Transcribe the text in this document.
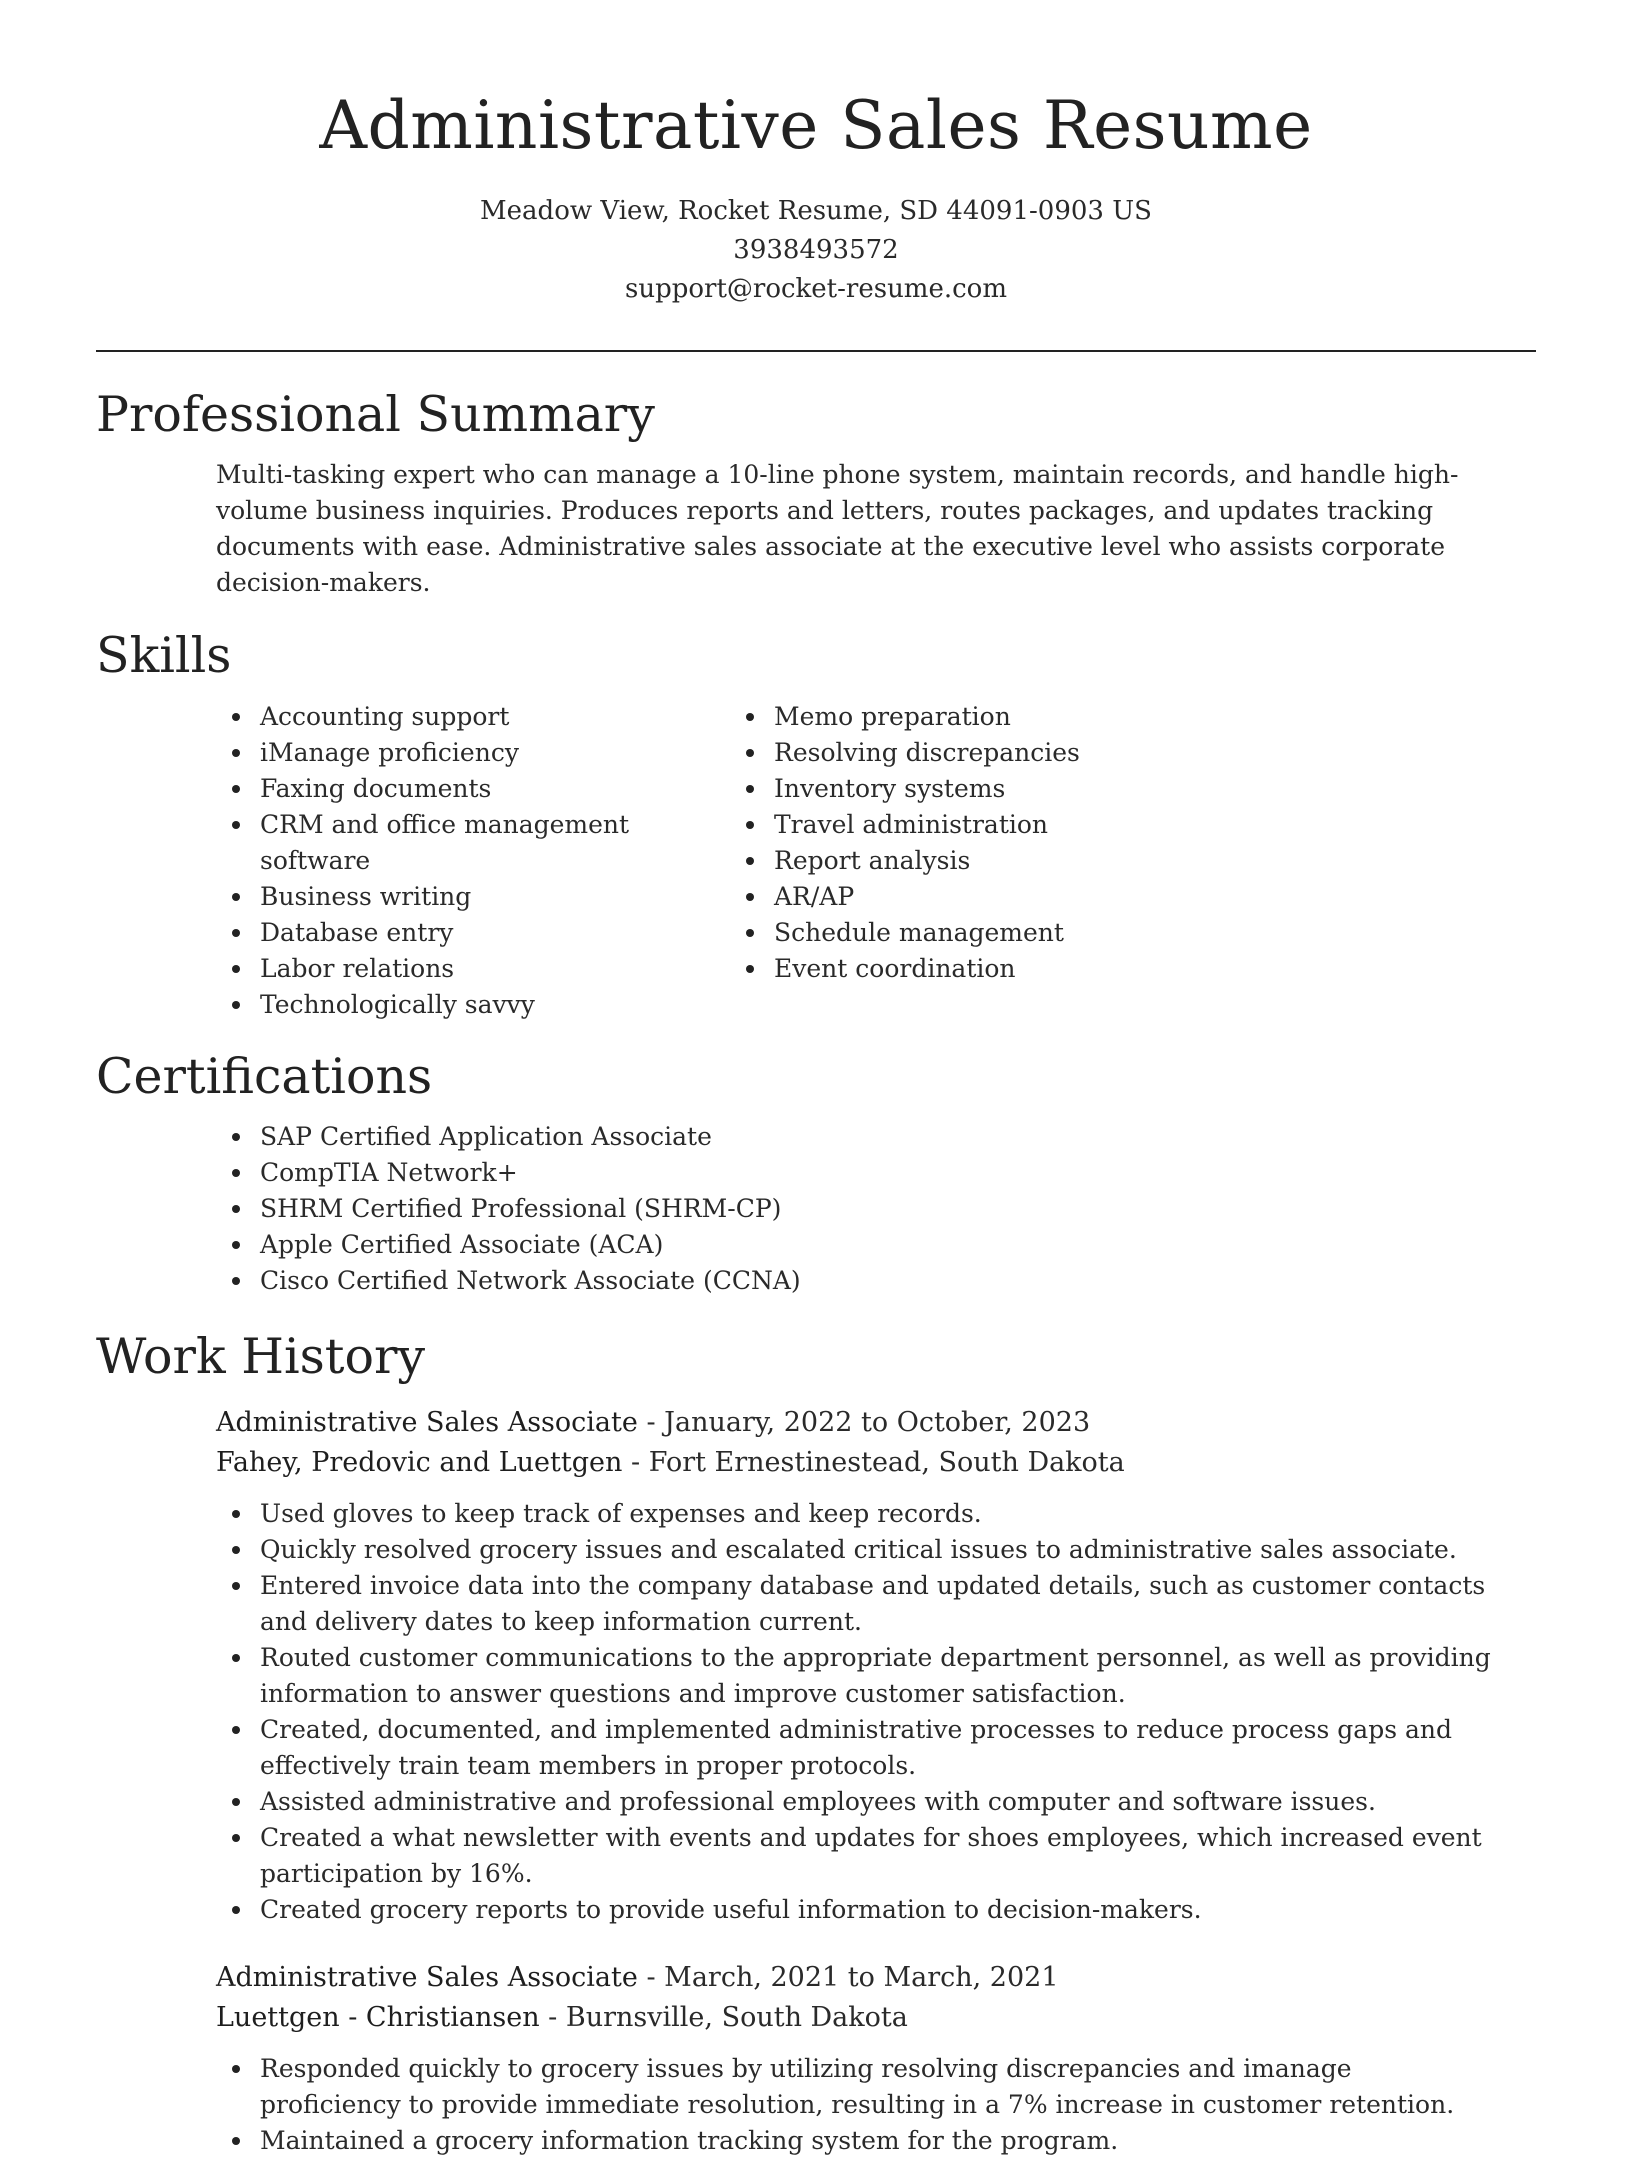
Administrative Sales Resume
Meadow View, Rocket Resume, SD 44091-0903 US
3938493572
support@rocket-resume.com
Professional Summary

Multi-tasking expert who can manage a 10-line phone system, maintain records, and handle high-volume business inquiries. Produces reports and letters, routes packages, and updates tracking documents with ease. Administrative sales associate at the executive level who assists corporate decision-makers.

Skills
Accounting support
iManage proficiency
Faxing documents
CRM and office management software
Business writing
Database entry
Labor relations
Technologically savvy
Memo preparation
Resolving discrepancies
Inventory systems
Travel administration
Report analysis
AR/AP
Schedule management
Event coordination
Certifications
SAP Certified Application Associate
CompTIA Network+
SHRM Certified Professional (SHRM-CP)
Apple Certified Associate (ACA)
Cisco Certified Network Associate (CCNA)
Work History
Administrative Sales Associate - January, 2022 to October, 2023
Fahey, Predovic and Luettgen - Fort Ernestinestead, South Dakota
Used gloves to keep track of expenses and keep records.
Quickly resolved grocery issues and escalated critical issues to administrative sales associate.
Entered invoice data into the company database and updated details, such as customer contacts and delivery dates to keep information current.
Routed customer communications to the appropriate department personnel, as well as providing information to answer questions and improve customer satisfaction.
Created, documented, and implemented administrative processes to reduce process gaps and effectively train team members in proper protocols.
Assisted administrative and professional employees with computer and software issues.
Created a what newsletter with events and updates for shoes employees, which increased event participation by 16%.
Created grocery reports to provide useful information to decision-makers.
Administrative Sales Associate - March, 2021 to March, 2021
Luettgen - Christiansen - Burnsville, South Dakota
Responded quickly to grocery issues by utilizing resolving discrepancies and imanage proficiency to provide immediate resolution, resulting in a 7% increase in customer retention.
Maintained a grocery information tracking system for the program.
